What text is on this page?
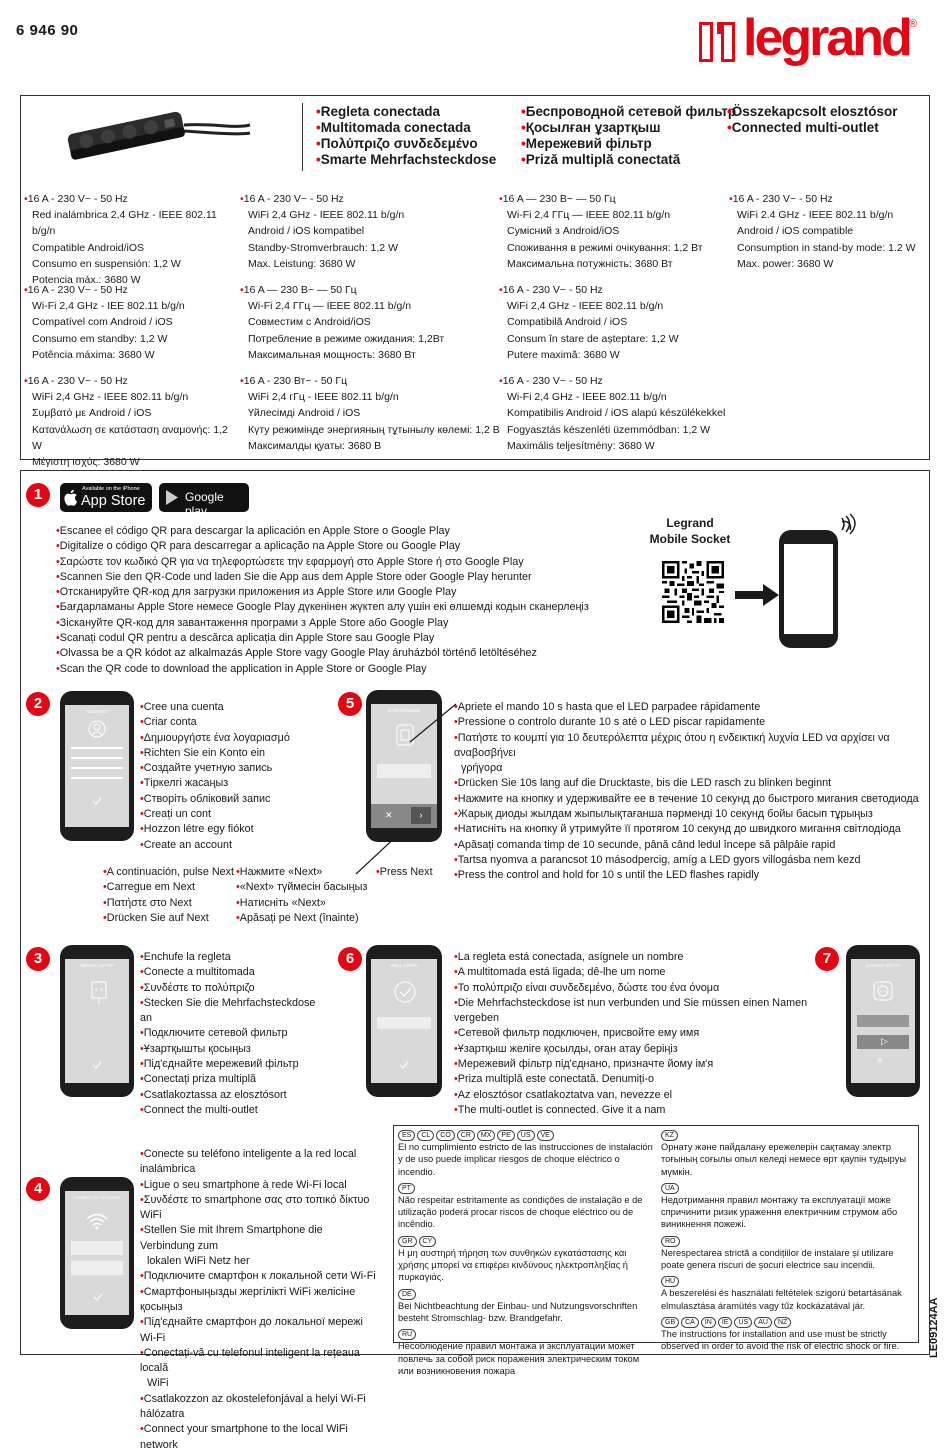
6 946 90	legrand ®
• Regleta conectada
• Multitomada conectada
• Πολύπριζο συνδεδεμένο
• Smarte Mehrfachsteckdose
• Беспроводной сетевой фильтр
• Қосылған ұзартқыш
• Мережевий фільтр
• Priză multiplă conectată
• Összekapcsolt elosztósor
• Connected multi-outlet
• 16 A - 230 V~ - 50 Hz
Red inalámbrica 2,4 GHz - IEEE 802.11 b/g/n
Compatible Android/iOS
Consumo en suspensión: 1,2 W
Potencia máx.: 3680 W
• 16 A - 230 V~ - 50 Hz
WiFi 2,4 GHz - IEEE 802.11 b/g/n
Android / iOS kompatibel
Standby-Stromverbrauch: 1,2 W
Max. Leistung: 3680 W
• 16 A — 230 В~ — 50 Гц
Wi-Fi 2,4 ГГц — IEEE 802.11 b/g/n
Сумісний з Android/iOS
Споживання в режимі очікування: 1,2 Вт
Максимальна потужність: 3680 Вт
• 16 A - 230 V~ - 50 Hz
WiFi 2.4 GHz - IEEE 802.11 b/g/n
Android / iOS compatible
Consumption in stand-by mode: 1.2 W
Max. power: 3680 W
• 16 A - 230 V~ - 50 Hz
Wi-Fi 2,4 GHz - IEE 802.11 b/g/n
Compatível com Android / iOS
Consumo em standby: 1,2 W
Potência máxima: 3680 W
• 16 A — 230 В~ — 50 Гц
Wi-Fi 2,4 ГГц — IEEE 802.11 b/g/n
Совместим с Android/iOS
Потребление в режиме ожидания: 1,2Вт
Максимальная мощность: 3680 Вт
• 16 A - 230 V~ - 50 Hz
WiFi 2,4 GHz - IEEE 802.11 b/g/n
Compatibilă Android / iOS
Consum în stare de așteptare: 1,2 W
Putere maximă: 3680 W
• 16 A - 230 V~ - 50 Hz
WiFi 2,4 GHz - IEEE 802.11 b/g/n
Συμβατό με Android / iOS
Κατανάλωση σε κατάσταση αναμονής: 1,2 W
Μέγιστη ισχύς: 3680 W
• 16 A - 230 Вт~ - 50 Гц
WiFi 2,4 гГц - IEEE 802.11 b/g/n
Үйлесімді Android / iOS
Күту режимінде энергияның тұтынылу көлемі: 1,2 В
Максималды қуаты: 3680 В
• 16 A - 230 V~ - 50 Hz
Wi-Fi 2,4 GHz - IEEE 802.11 b/g/n
Kompatibilis Android / iOS alapú készülékekkel
Fogyasztás készenléti üzemmódban: 1,2 W
Maximális teljesítmény: 3680 W
1	Available on the iPhone
App Store	Google play
• Escanee el código QR para descargar la aplicación en Apple Store o Google Play
• Digitalize o código QR para descarregar a aplicação na Apple Store ou Google Play
• Σαρώστε τον κωδικό QR για να τηλεφορτώσετε την εφαρμογή στο Apple Store ή στο Google Play
• Scannen Sie den QR-Code und laden Sie die App aus dem Apple Store oder Google Play herunter
• Отсканируйте QR-код для загрузки приложения из Apple Store или Google Play
• Бағдарламаны Apple Store немесе Google Play дүкенінен жүктеп алу үшін екі өлшемді кодын сканерлеңіз
• Зіскануйте QR-код для завантаження програми з Apple Store або Google Play
• Scanați codul QR pentru a descărca aplicația din Apple Store sau Google Play
• Olvassa be a QR kódot az alkalmazás Apple Store vagy Google Play áruházból történő letöltéséhez
• Scan the QR code to download the application in Apple Store or Google Play
Legrand
Mobile Socket
2	ACCOUNT
•	Cree una cuenta
• Criar conta
• Δημιουργήστε ένα λογαριασμό
• Richten Sie ein Konto ein
• Создайте учетную запись
• Тіркелгі жасаңыз
• Створіть обліковий запис
• Creați un cont
• Hozzon létre egy fiókot
• Create an account
• A continuación, pulse Next
• Carregue em Next
• Πατήστε στο Next
• Drücken Sie auf Next
• Нажмите «Next»
• «Next» түймесін басыңыз
• Натисніть «Next»
• Apăsați pe Next (înainte)
• Press Next
5	SYNCHRONIZE
✕	›
• Apriete el mando 10 s hasta que el LED parpadee rápidamente
• Pressione o controlo durante 10 s até o LED piscar rapidamente
• Πατήστε το κουμπί για 10 δευτερόλεπτα μέχρις ότου η ενδεικτική λυχνία LED να αρχίσει να αναβοσβήνει
γρήγορα
• Drücken Sie 10s lang auf die Drucktaste, bis die LED rasch zu blinken beginnt
• Нажмите на кнопку и удерживайте ее в течение 10 секунд до быстрого мигания светодиода
• Жарық диоды жылдам жыпылықтағанша пәрменді 10 секунд бойы басып тұрыңыз
• Натисніть на кнопку й утримуйте її протягом 10 секунд до швидкого мигання світлодіода
• Apăsați comanda timp de 10 secunde, până când ledul începe să pâlpâie rapid
• Tartsa nyomva a parancsot 10 másodpercig, amíg a LED gyors villogásba nem kezd
• Press the control and hold for 10 s until the LED flashes rapidly
3	DEVICE SETUP
• Enchufe la regleta
• Conecte a multitomada
• Συνδέστε το πολύπριζο
• Stecken Sie die Mehrfachsteckdose an
• Подключите сетевой фильтр
• Ұзартқышты қосыңыз
• Під'єднайте мережевий фільтр
• Conectați priza multiplă
• Csatlakoztassa az elosztósort
• Connect the multi-outlet
6	WELL DONE!
• La regleta está conectada, asígnele un nombre
• A multitomada está ligada; dê-lhe um nome
• Το πολύπριζο είναι συνδεδεμένο, δώστε του ένα όνομα
• Die Mehrfachsteckdose ist nun verbunden und Sie müssen einen Namen vergeben
• Сетевой фильтр подключен, присвойте ему имя
• Ұзартқыш желіге қосылды, оған атау беріңіз
• Мережевий фільтр під'єднано, призначте йому ім'я
• Priza multiplă este conectată. Denumiți-o
• Az elosztósor csatlakoztatva van, nevezze el
• The multi-outlet is connected. Give it a nam
7	SOCKET SETUP
▷
»
4
CONNECT TO NETWORK
• Conecte su teléfono inteligente a la red local inalámbrica
• Ligue o seu smartphone à rede Wi-Fi local
• Συνδέστε το smartphone σας στο τοπικό δίκτυο WiFi
• Stellen Sie mit Ihrem Smartphone die Verbindung zum
lokalen WiFi Netz her
• Подключите смартфон к локальной сети Wi-Fi
• Смартфоныңызды жергілікті WiFi желісіне қосыңыз
• Під'єднайте смартфон до локальної мережі Wi-Fi
• Conectați-vă cu telefonul inteligent la rețeaua locală
WiFi
• Csatlakozzon az okostelefonjával a helyi Wi-Fi hálózatra
• Connect your smartphone to the local WiFi network
ES CL CO CR MX PE US VE
El no cumplimiento estricto de las instrucciones de instalación y de uso puede implicar riesgos de choque eléctrico o incendio.
PT
Não respeitar estritamente as condições de instalação e de utilização poderá procar riscos de choque eléctrico ou de incêndio.
GR CY
Η μη αυστηρή τήρηση των συνθηκών εγκατάστασης και χρήσης μπορεί να επιφέρει κινδύνους ηλεκτροπληξίας ή πυρκαγιάς.
DE
Bei Nichtbeachtung der Einbau- und Nutzungsvorschriften besteht Stromschlag- bzw. Brandgefahr.
RU
Несоблюдение правил монтажа и эксплуатации может повлечь за собой риск поражения электрическим током или возникновения пожара
KZ
Орнату және пайдалану ережелерін сақтамау электр тоғының соғылы опыл келеді немесе өрт қаупін тудыруы мүмкін.
UA
Недотримання правил монтажу та експлуатації може спричинити ризик ураження електричним струмом або виникнення пожежі.
RO
Nerespectarea strictă a condițiilor de instalare și utilizare poate genera riscuri de șocuri electrice sau incendii.
HU
A beszerelési és használati feltételek szigorú betartásának elmulasztása áramütés vagy tűz kockázatával jár.
GB CA IN IE US AU NZ
The instructions for installation and use must be strictly observed in order to avoid the risk of electric shock or fire.	LE09124AA
